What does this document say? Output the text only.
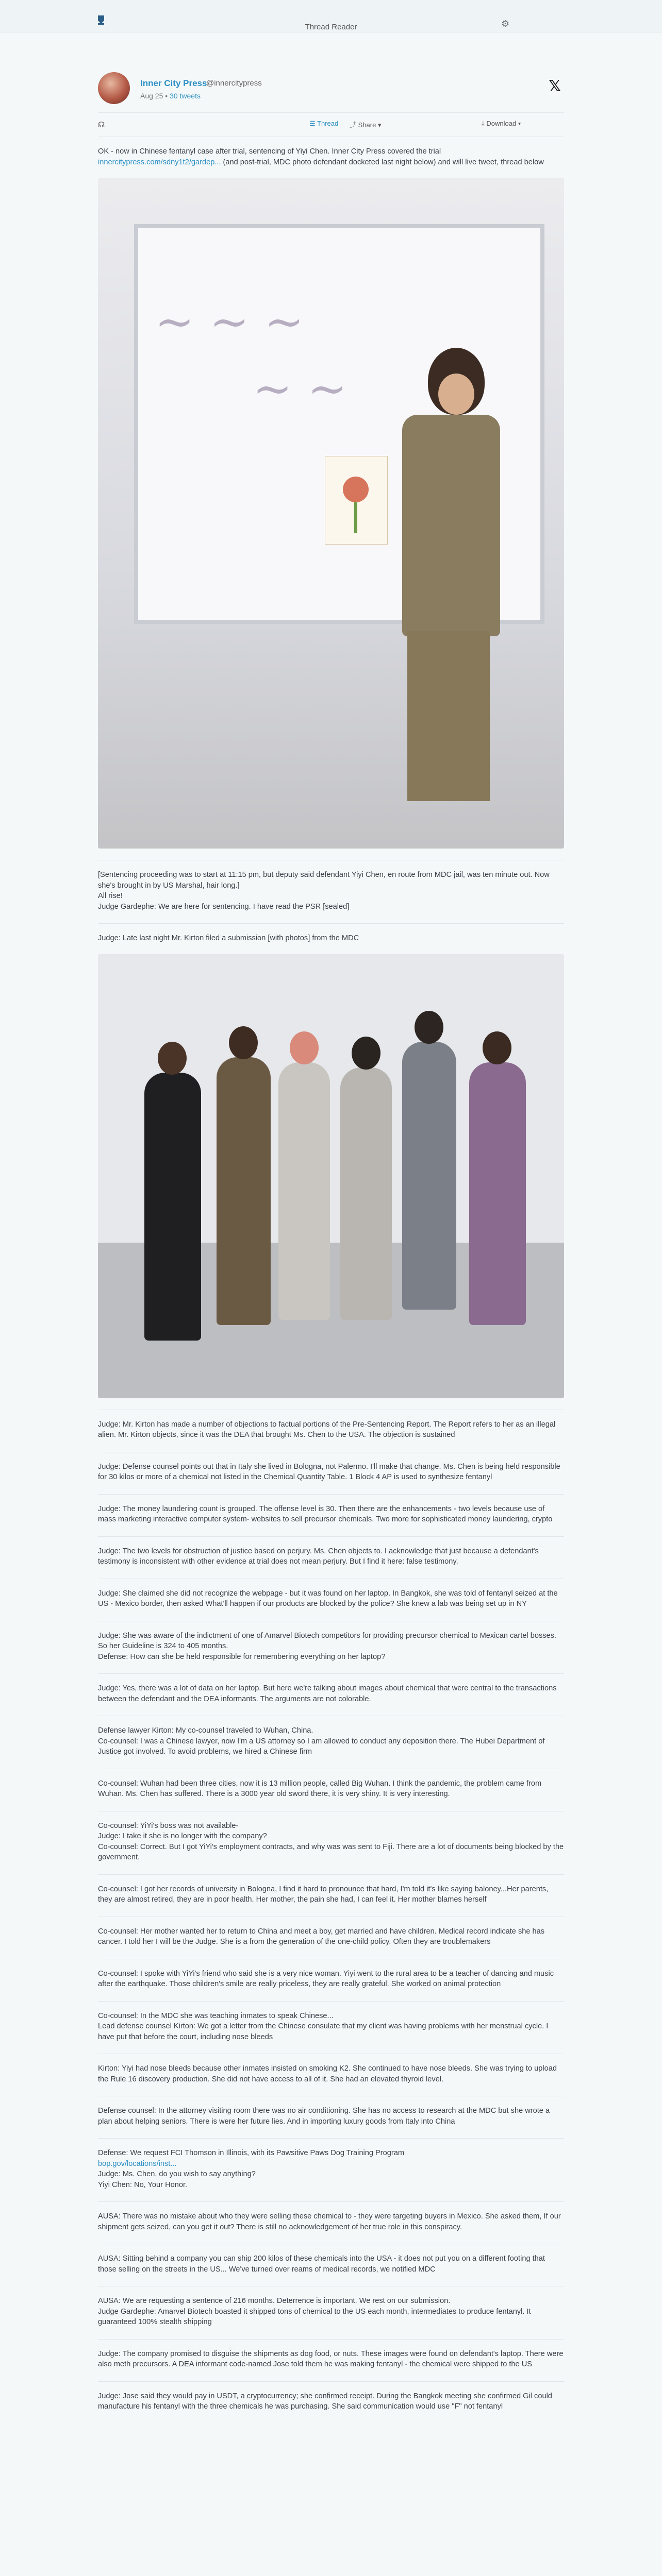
Thread Reader	⚙
Inner City Press
@innercitypress
Aug 25 • 30 tweets
𝕏
☊	☰ Thread ⤴ Share ▾	⤓ Download ▾

OK - now in Chinese fentanyl case after trial, sentencing of Yiyi Chen. Inner City Press covered the trial innercitypress.com/sdny1t2/gardep... (and post-trial, MDC photo defendant docketed last night below) and will live tweet, thread below

~ ~ ~
~ ~

[Sentencing proceeding was to start at 11:15 pm, but deputy said defendant Yiyi Chen, en route from MDC jail, was ten minute out. Now she's brought in by US Marshal, hair long.]
All rise!
Judge Gardephe: We are here for sentencing. I have read the PSR [sealed]

Judge: Late last night Mr. Kirton filed a submission [with photos] from the MDC

Judge: Mr. Kirton has made a number of objections to factual portions of the Pre-Sentencing Report. The Report refers to her as an illegal alien. Mr. Kirton objects, since it was the DEA that brought Ms. Chen to the USA. The objection is sustained

Judge: Defense counsel points out that in Italy she lived in Bologna, not Palermo. I'll make that change. Ms. Chen is being held responsible for 30 kilos or more of a chemical not listed in the Chemical Quantity Table. 1 Block 4 AP is used to synthesize fentanyl

Judge: The money laundering count is grouped. The offense level is 30. Then there are the enhancements - two levels because use of mass marketing interactive computer system- websites to sell precursor chemicals. Two more for sophisticated money laundering, crypto

Judge: The two levels for obstruction of justice based on perjury. Ms. Chen objects to. I acknowledge that just because a defendant's testimony is inconsistent with other evidence at trial does not mean perjury. But I find it here: false testimony.

Judge: She claimed she did not recognize the webpage - but it was found on her laptop. In Bangkok, she was told of fentanyl seized at the US - Mexico border, then asked What'll happen if our products are blocked by the police? She knew a lab was being set up in NY

Judge: She was aware of the indictment of one of Amarvel Biotech competitors for providing precursor chemical to Mexican cartel bosses. So her Guideline is 324 to 405 months.
Defense: How can she be held responsible for remembering everything on her laptop?

Judge: Yes, there was a lot of data on her laptop. But here we're talking about images about chemical that were central to the transactions between the defendant and the DEA informants. The arguments are not colorable.

Defense lawyer Kirton: My co-counsel traveled to Wuhan, China.
Co-counsel: I was a Chinese lawyer, now I'm a US attorney so I am allowed to conduct any deposition there. The Hubei Department of Justice got involved. To avoid problems, we hired a Chinese firm

Co-counsel: Wuhan had been three cities, now it is 13 million people, called Big Wuhan. I think the pandemic, the problem came from Wuhan. Ms. Chen has suffered. There is a 3000 year old sword there, it is very shiny. It is very interesting.

Co-counsel: YiYi's boss was not available-
Judge: I take it she is no longer with the company?
Co-counsel: Correct. But I got YiYi's employment contracts, and why was was sent to Fiji. There are a lot of documents being blocked by the government.

Co-counsel: I got her records of university in Bologna, I find it hard to pronounce that hard, I'm told it's like saying baloney...Her parents, they are almost retired, they are in poor health. Her mother, the pain she had, I can feel it. Her mother blames herself

Co-counsel: Her mother wanted her to return to China and meet a boy, get married and have children. Medical record indicate she has cancer. I told her I will be the Judge. She is a from the generation of the one-child policy. Often they are troublemakers

Co-counsel: I spoke with YiYi's friend who said she is a very nice woman. Yiyi went to the rural area to be a teacher of dancing and music after the earthquake. Those children's smile are really priceless, they are really grateful. She worked on animal protection

Co-counsel: In the MDC she was teaching inmates to speak Chinese...
Lead defense counsel Kirton: We got a letter from the Chinese consulate that my client was having problems with her menstrual cycle. I have put that before the court, including nose bleeds

Kirton: Yiyi had nose bleeds because other inmates insisted on smoking K2. She continued to have nose bleeds. She was trying to upload the Rule 16 discovery production. She did not have access to all of it. She had an elevated thyroid level.

Defense counsel: In the attorney visiting room there was no air conditioning. She has no access to research at the MDC but she wrote a plan about helping seniors. There is were her future lies. And in importing luxury goods from Italy into China

Defense: We request FCI Thomson in Illinois, with its Pawsitive Paws Dog Training Program
bop.gov/locations/inst...
Judge: Ms. Chen, do you wish to say anything?
Yiyi Chen: No, Your Honor.

AUSA: There was no mistake about who they were selling these chemical to - they were targeting buyers in Mexico. She asked them, If our shipment gets seized, can you get it out? There is still no acknowledgement of her true role in this conspiracy.

AUSA: Sitting behind a company you can ship 200 kilos of these chemicals into the USA - it does not put you on a different footing that those selling on the streets in the US... We've turned over reams of medical records, we notified MDC

AUSA: We are requesting a sentence of 216 months. Deterrence is important. We rest on our submission.
Judge Gardephe: Amarvel Biotech boasted it shipped tons of chemical to the US each month, intermediates to produce fentanyl. It guaranteed 100% stealth shipping

Judge: The company promised to disguise the shipments as dog food, or nuts. These images were found on defendant's laptop. There were also meth precursors. A DEA informant code-named Jose told them he was making fentanyl - the chemical were shipped to the US

Judge: Jose said they would pay in USDT, a cryptocurrency; she confirmed receipt. During the Bangkok meeting she confirmed Gil could manufacture his fentanyl with the three chemicals he was purchasing. She said communication would use "F" not fentanyl
